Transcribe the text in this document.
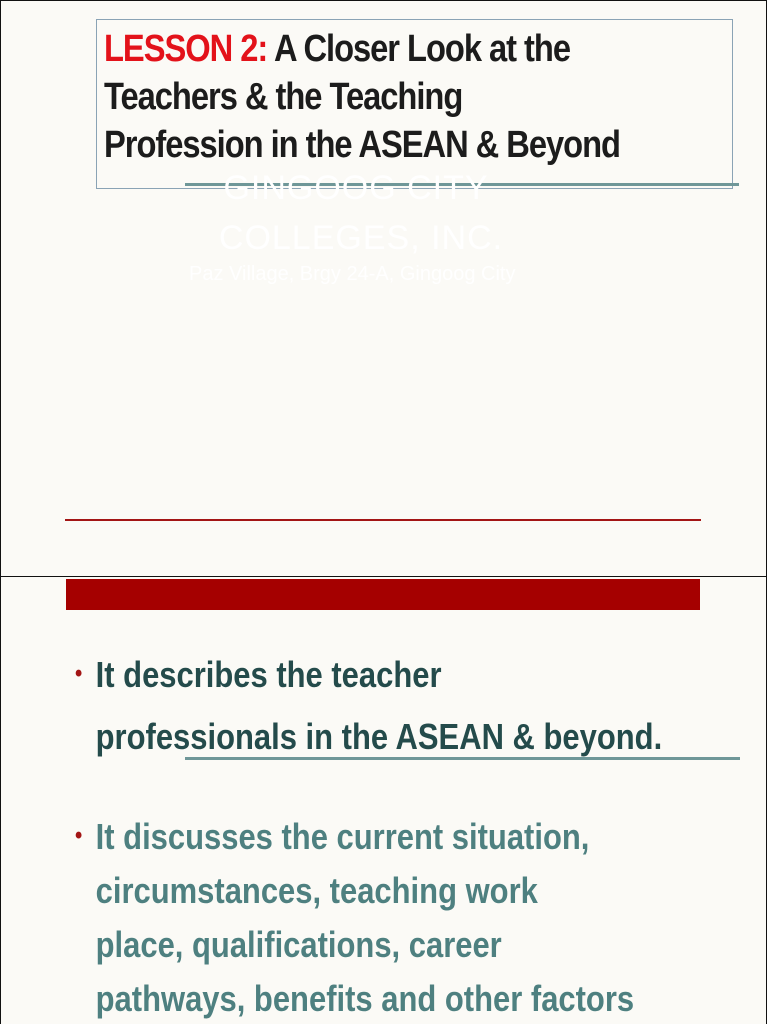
LESSON 2: A Closer Look at the
Teachers & the Teaching
Profession in the ASEAN & Beyond

GINGOOG CITY

COLLEGES, INC.

Paz Village, Brgy 24-A, Gingoog City

• It describes the teacher
professionals in the ASEAN & beyond.
• It discusses the current situation,
circumstances, teaching work
place, qualifications, career
pathways, benefits and other factors
